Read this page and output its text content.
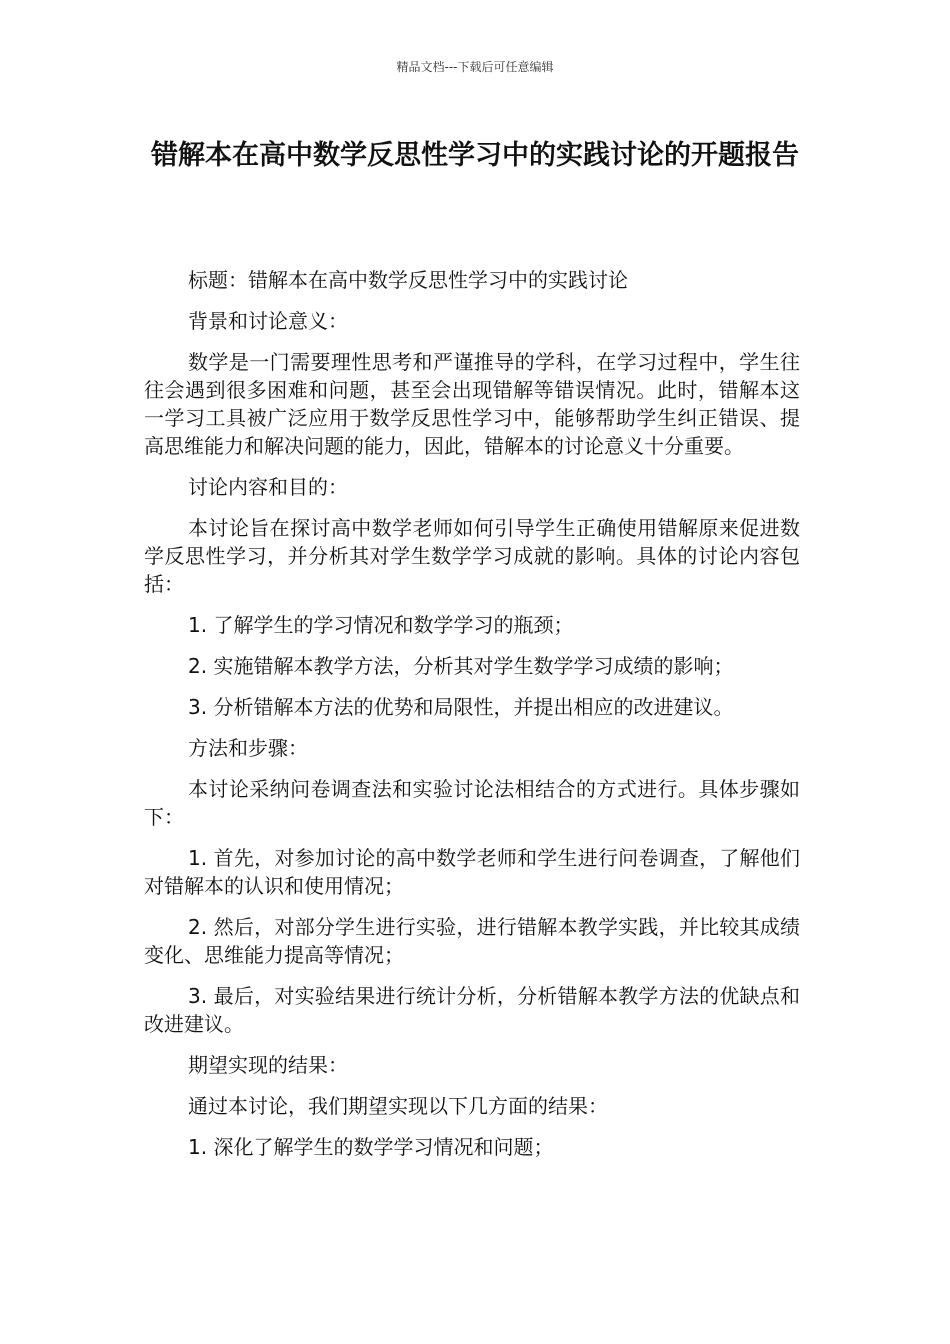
精品文档---下载后可任意编辑
错解本在高中数学反思性学习中的实践讨论的开题报告

标题：错解本在高中数学反思性学习中的实践讨论

背景和讨论意义：

数学是一门需要理性思考和严谨推导的学科，在学习过程中，学生往往会遇到很多困难和问题，甚至会出现错解等错误情况。此时，错解本这一学习工具被广泛应用于数学反思性学习中，能够帮助学生纠正错误、提高思维能力和解决问题的能力，因此，错解本的讨论意义十分重要。

讨论内容和目的：

本讨论旨在探讨高中数学老师如何引导学生正确使用错解原来促进数学反思性学习，并分析其对学生数学学习成就的影响。具体的讨论内容包括：

1. 了解学生的学习情况和数学学习的瓶颈；

2. 实施错解本教学方法，分析其对学生数学学习成绩的影响；

3. 分析错解本方法的优势和局限性，并提出相应的改进建议。

方法和步骤：

本讨论采纳问卷调查法和实验讨论法相结合的方式进行。具体步骤如下：

1. 首先，对参加讨论的高中数学老师和学生进行问卷调查，了解他们对错解本的认识和使用情况；

2. 然后，对部分学生进行实验，进行错解本教学实践，并比较其成绩变化、思维能力提高等情况；

3. 最后，对实验结果进行统计分析，分析错解本教学方法的优缺点和改进建议。

期望实现的结果：

通过本讨论，我们期望实现以下几方面的结果：

1. 深化了解学生的数学学习情况和问题；
